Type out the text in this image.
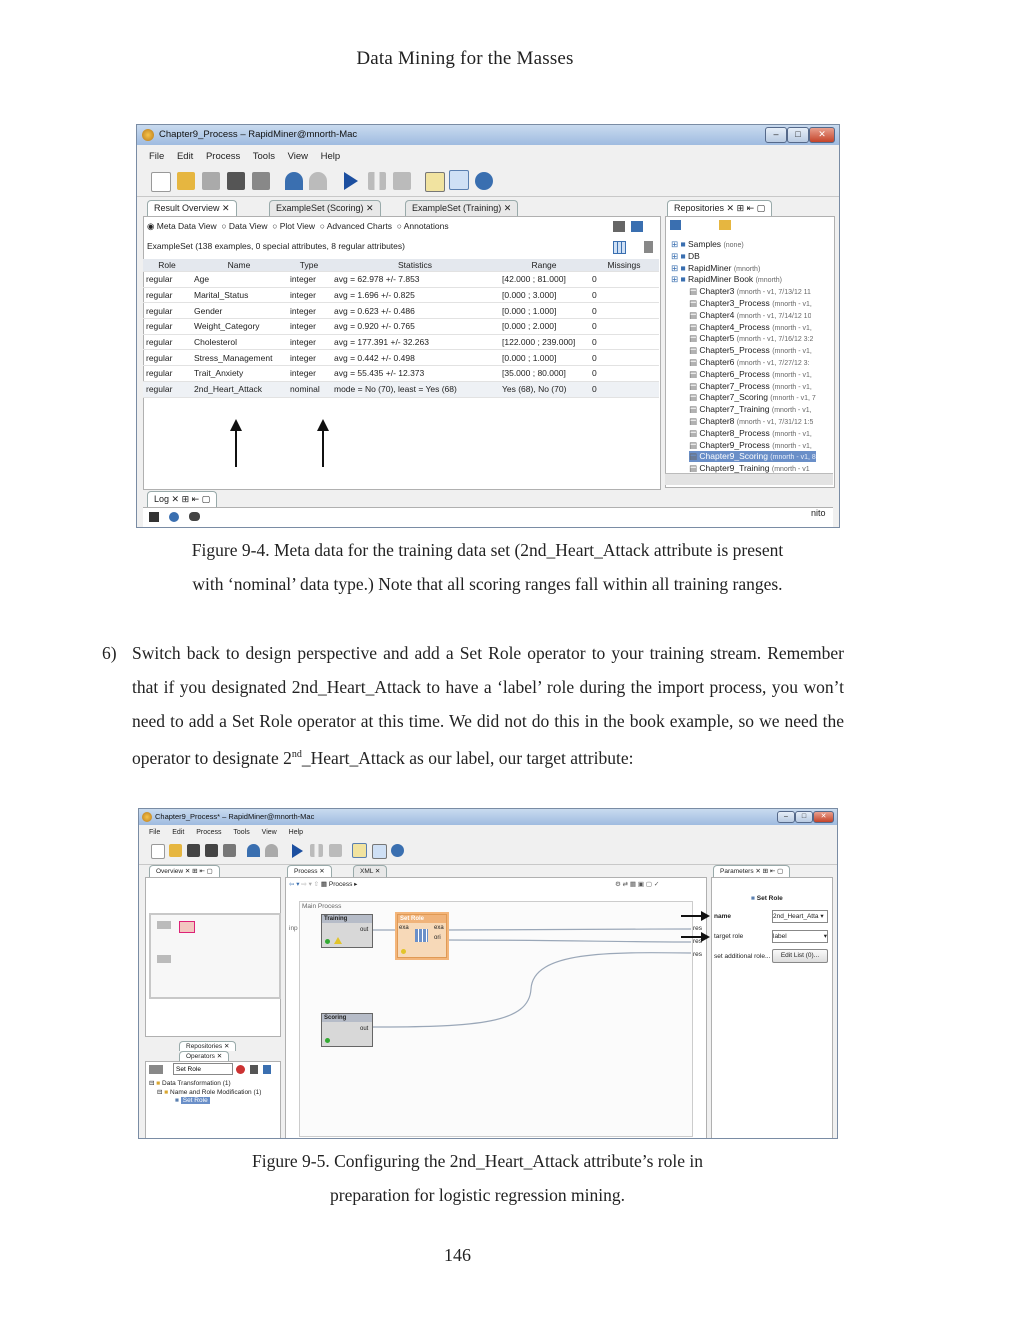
Data Mining for the Masses
Chapter9_Process – RapidMiner@mnorth-Mac	–	□	✕
File Edit Process Tools View Help
Result Overview ✕	ExampleSet (Scoring) ✕	ExampleSet (Training) ✕
◉ Meta Data View ○ Data View ○ Plot View ○ Advanced Charts ○ Annotations
ExampleSet (138 examples, 0 special attributes, 8 regular attributes)
Role	Name	Type	Statistics	Range	Missings
regular	Age	integer	avg = 62.978 +/- 7.853	[42.000 ; 81.000]	0
regular	Marital_Status	integer	avg = 1.696 +/- 0.825	[0.000 ; 3.000]	0
regular	Gender	integer	avg = 0.623 +/- 0.486	[0.000 ; 1.000]	0
regular	Weight_Category	integer	avg = 0.920 +/- 0.765	[0.000 ; 2.000]	0
regular	Cholesterol	integer	avg = 177.391 +/- 32.263	[122.000 ; 239.000]	0
regular	Stress_Management	integer	avg = 0.442 +/- 0.498	[0.000 ; 1.000]	0
regular	Trait_Anxiety	integer	avg = 55.435 +/- 12.373	[35.000 ; 80.000]	0
regular	2nd_Heart_Attack	nominal	mode = No (70), least = Yes (68)	Yes (68), No (70)	0
Repositories ✕ ⊞ ⇤ ▢
⊞ ■ Samples (none)
⊞ ■ DB
⊞ ■ RapidMiner (mnorth)
⊞ ■ RapidMiner Book (mnorth)
▤ Chapter3 (mnorth - v1, 7/13/12 11
▤ Chapter3_Process (mnorth - v1,
▤ Chapter4 (mnorth - v1, 7/14/12 10
▤ Chapter4_Process (mnorth - v1,
▤ Chapter5 (mnorth - v1, 7/16/12 3:2
▤ Chapter5_Process (mnorth - v1,
▤ Chapter6 (mnorth - v1, 7/27/12 3:
▤ Chapter6_Process (mnorth - v1,
▤ Chapter7_Process (mnorth - v1,
▤ Chapter7_Scoring (mnorth - v1, 7
▤ Chapter7_Training (mnorth - v1,
▤ Chapter8 (mnorth - v1, 7/31/12 1:5
▤ Chapter8_Process (mnorth - v1,
▤ Chapter9_Process (mnorth - v1,
▤ Chapter9_Scoring (mnorth - v1, 8
▤ Chapter9_Training (mnorth - v1
Log ✕ ⊞ ⇤ ▢
nito
Figure 9-4. Meta data for the training data set (2nd_Heart_Attack attribute is present
with ‘nominal’ data type.) Note that all scoring ranges fall within all training ranges.
6) Switch back to design perspective and add a Set Role operator to your training stream. Remember that if you designated 2nd_Heart_Attack to have a ‘label’ role during the import process, you won’t need to add a Set Role operator at this time. We did not do this in the book example, so we need the operator to designate 2nd_Heart_Attack as our label, our target attribute:
Chapter9_Process* – RapidMiner@mnorth-Mac	–	□	✕
File Edit Process Tools View Help
Overview ✕ ⊞ ⇤ ▢
Repositories ✕
Operators ✕
Set Role
⊟ ■ Data Transformation (1)
⊟ ■ Name and Role Modification (1)
■ Set Role
Process ✕	XML ✕
⇦ ▾ ⇨ ▾ ⇧ ▦ Process ▸	⚙ ⇄ ▦ ▣ ▢ ✓
Main Process
inp
Training
out
Set Role
exa	exa
ori
Scoring
out
res
res
res
Parameters ✕ ⊞ ⇤ ▢
■ Set Role
name	2nd_Heart_Atta ▾
target role	label	▾
set additional role...	Edit List (0)...
Figure 9-5. Configuring the 2nd_Heart_Attack attribute’s role in
preparation for logistic regression mining.
146
